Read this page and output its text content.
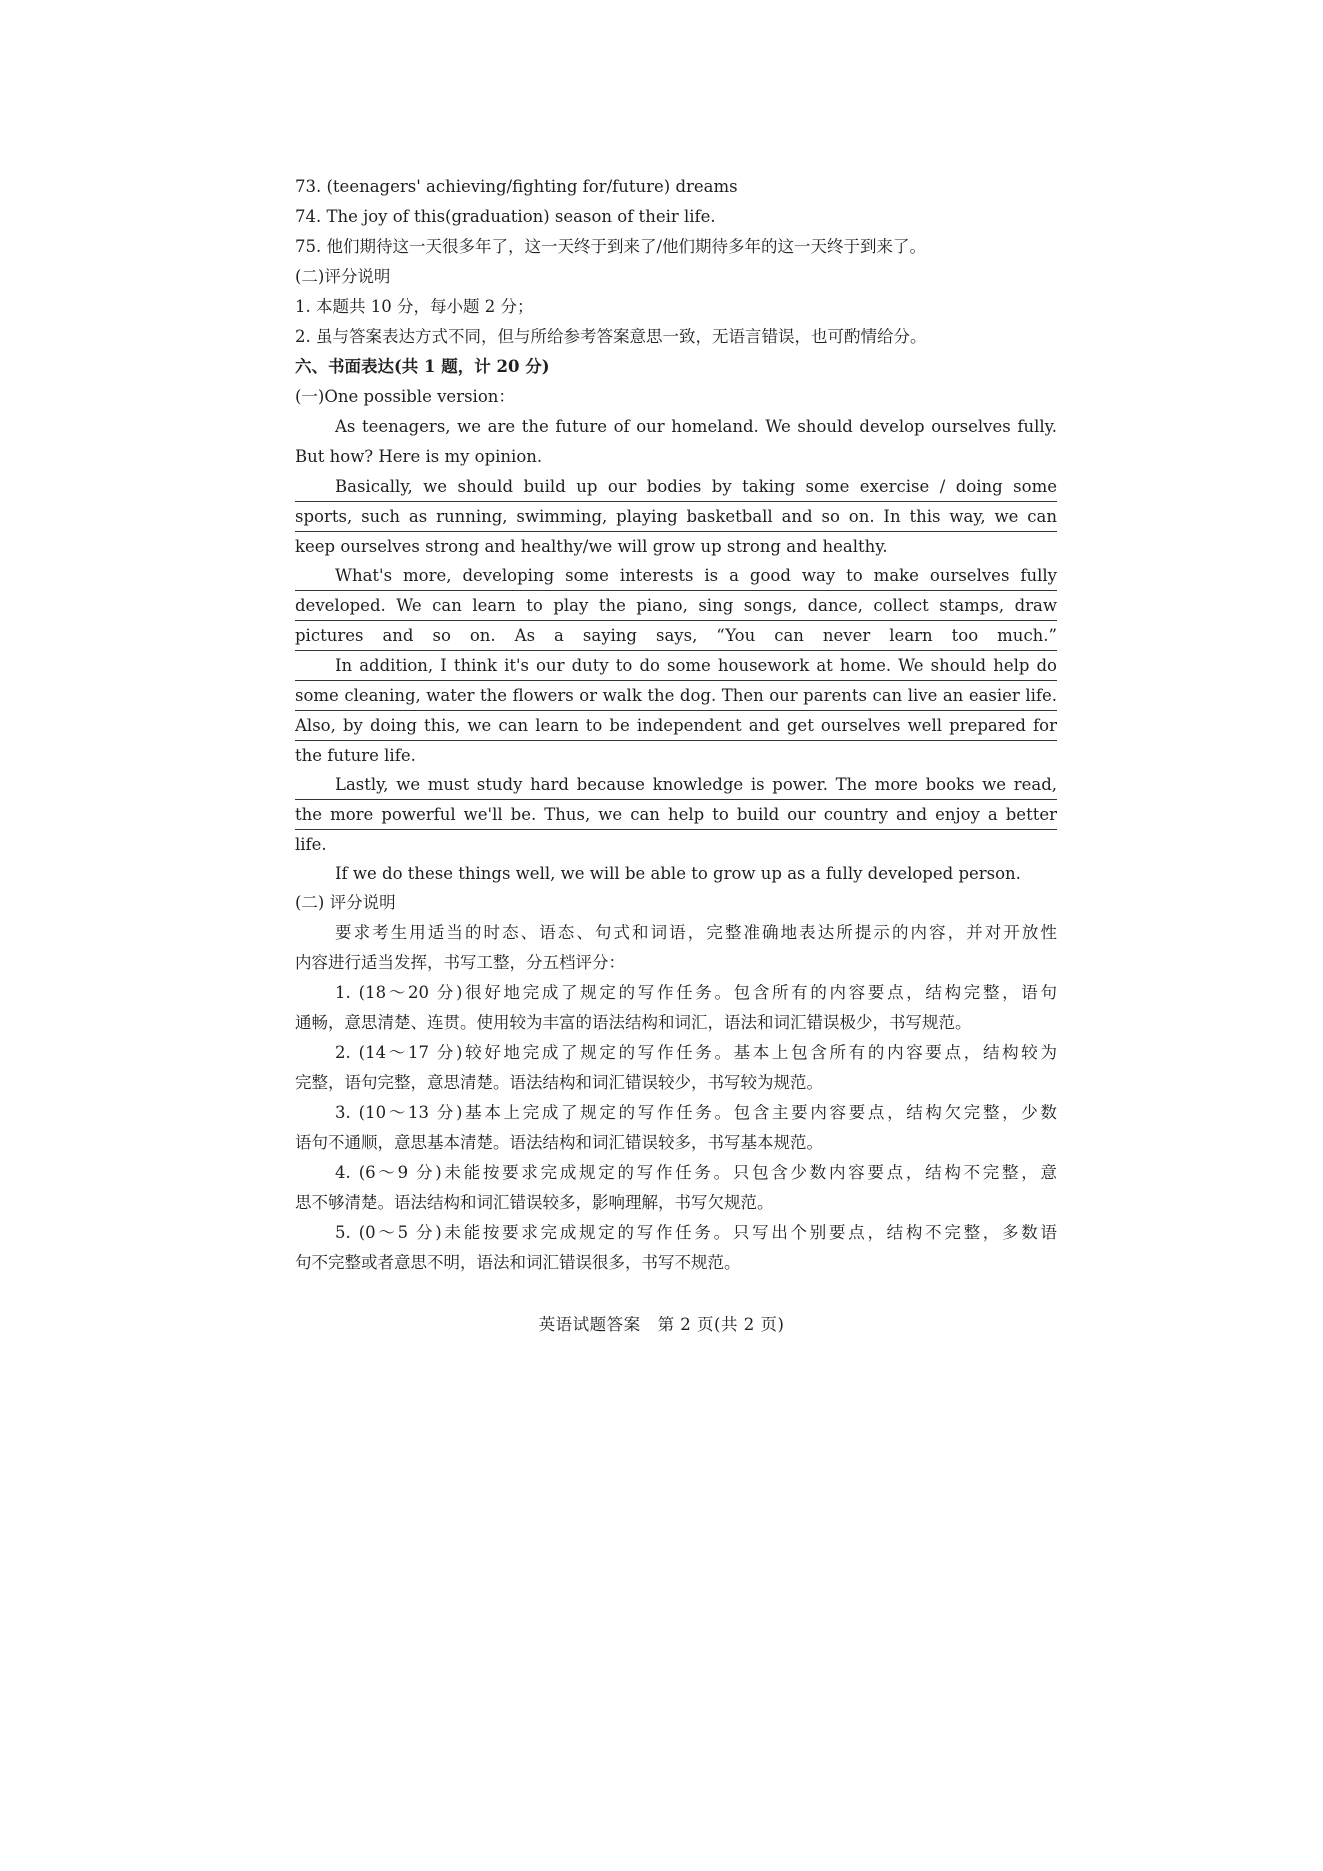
73. (teenagers' achieving/fighting for/future) dreams
74. The joy of this(graduation) season of their life.
75. 他们期待这一天很多年了，这一天终于到来了/他们期待多年的这一天终于到来了。
(二)评分说明
1. 本题共 10 分，每小题 2 分；
2. 虽与答案表达方式不同，但与所给参考答案意思一致，无语言错误，也可酌情给分。
六、书面表达(共 1 题，计 20 分)
(一)One possible version：
As teenagers, we are the future of our homeland. We should develop ourselves fully.
But how? Here is my opinion.
Basically, we should build up our bodies by taking some exercise / doing some
sports, such as running, swimming, playing basketball and so on. In this way, we can
keep ourselves strong and healthy/we will grow up strong and healthy.
What's more, developing some interests is a good way to make ourselves fully
developed. We can learn to play the piano, sing songs, dance, collect stamps, draw
pictures and so on. As a saying says, “You can never learn too much.”
In addition, I think it's our duty to do some housework at home. We should help do
some cleaning, water the flowers or walk the dog. Then our parents can live an easier life.
Also, by doing this, we can learn to be independent and get ourselves well prepared for
the future life.
Lastly, we must study hard because knowledge is power. The more books we read,
the more powerful we'll be. Thus, we can help to build our country and enjoy a better
life.
If we do these things well, we will be able to grow up as a fully developed person.
(二) 评分说明
要求考生用适当的时态、语态、句式和词语，完整准确地表达所提示的内容，并对开放性
内容进行适当发挥，书写工整，分五档评分：
1. (18～20 分)很好地完成了规定的写作任务。包含所有的内容要点，结构完整，语句
通畅，意思清楚、连贯。使用较为丰富的语法结构和词汇，语法和词汇错误极少，书写规范。
2. (14～17 分)较好地完成了规定的写作任务。基本上包含所有的内容要点，结构较为
完整，语句完整，意思清楚。语法结构和词汇错误较少，书写较为规范。
3. (10～13 分)基本上完成了规定的写作任务。包含主要内容要点，结构欠完整，少数
语句不通顺，意思基本清楚。语法结构和词汇错误较多，书写基本规范。
4. (6～9 分)未能按要求完成规定的写作任务。只包含少数内容要点，结构不完整，意
思不够清楚。语法结构和词汇错误较多，影响理解，书写欠规范。
5. (0～5 分)未能按要求完成规定的写作任务。只写出个别要点，结构不完整，多数语
句不完整或者意思不明，语法和词汇错误很多，书写不规范。
英语试题答案　第 2 页(共 2 页)
